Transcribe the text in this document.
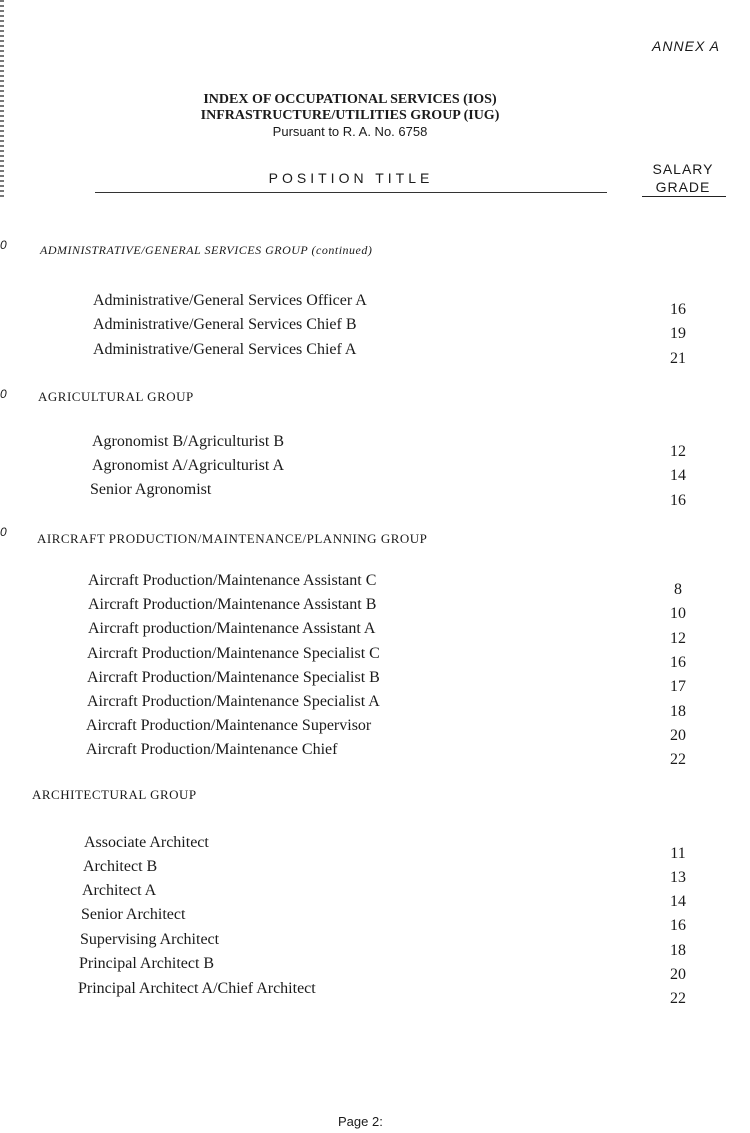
ANNEX A
INDEX OF OCCUPATIONAL SERVICES (IOS)
INFRASTRUCTURE/UTILITIES GROUP (IUG)
Pursuant to R. A. No. 6758
POSITION TITLE
SALARY
GRADE
0
0
0
ADMINISTRATIVE/GENERAL SERVICES GROUP (continued)
Administrative/General Services Officer A
16
Administrative/General Services Chief B
19
Administrative/General Services Chief A
21
AGRICULTURAL GROUP
Agronomist B/Agriculturist B
12
Agronomist A/Agriculturist A
14
Senior Agronomist
16
AIRCRAFT PRODUCTION/MAINTENANCE/PLANNING GROUP
Aircraft Production/Maintenance Assistant C
8
Aircraft Production/Maintenance Assistant B
10
Aircraft production/Maintenance Assistant A
12
Aircraft Production/Maintenance Specialist C
16
Aircraft Production/Maintenance Specialist B
17
Aircraft Production/Maintenance Specialist A
18
Aircraft Production/Maintenance Supervisor
20
Aircraft Production/Maintenance Chief
22
ARCHITECTURAL GROUP
Associate Architect
11
Architect B
13
Architect A
14
Senior Architect
16
Supervising Architect
18
Principal Architect B
20
Principal Architect A/Chief Architect
22
Page 2:
